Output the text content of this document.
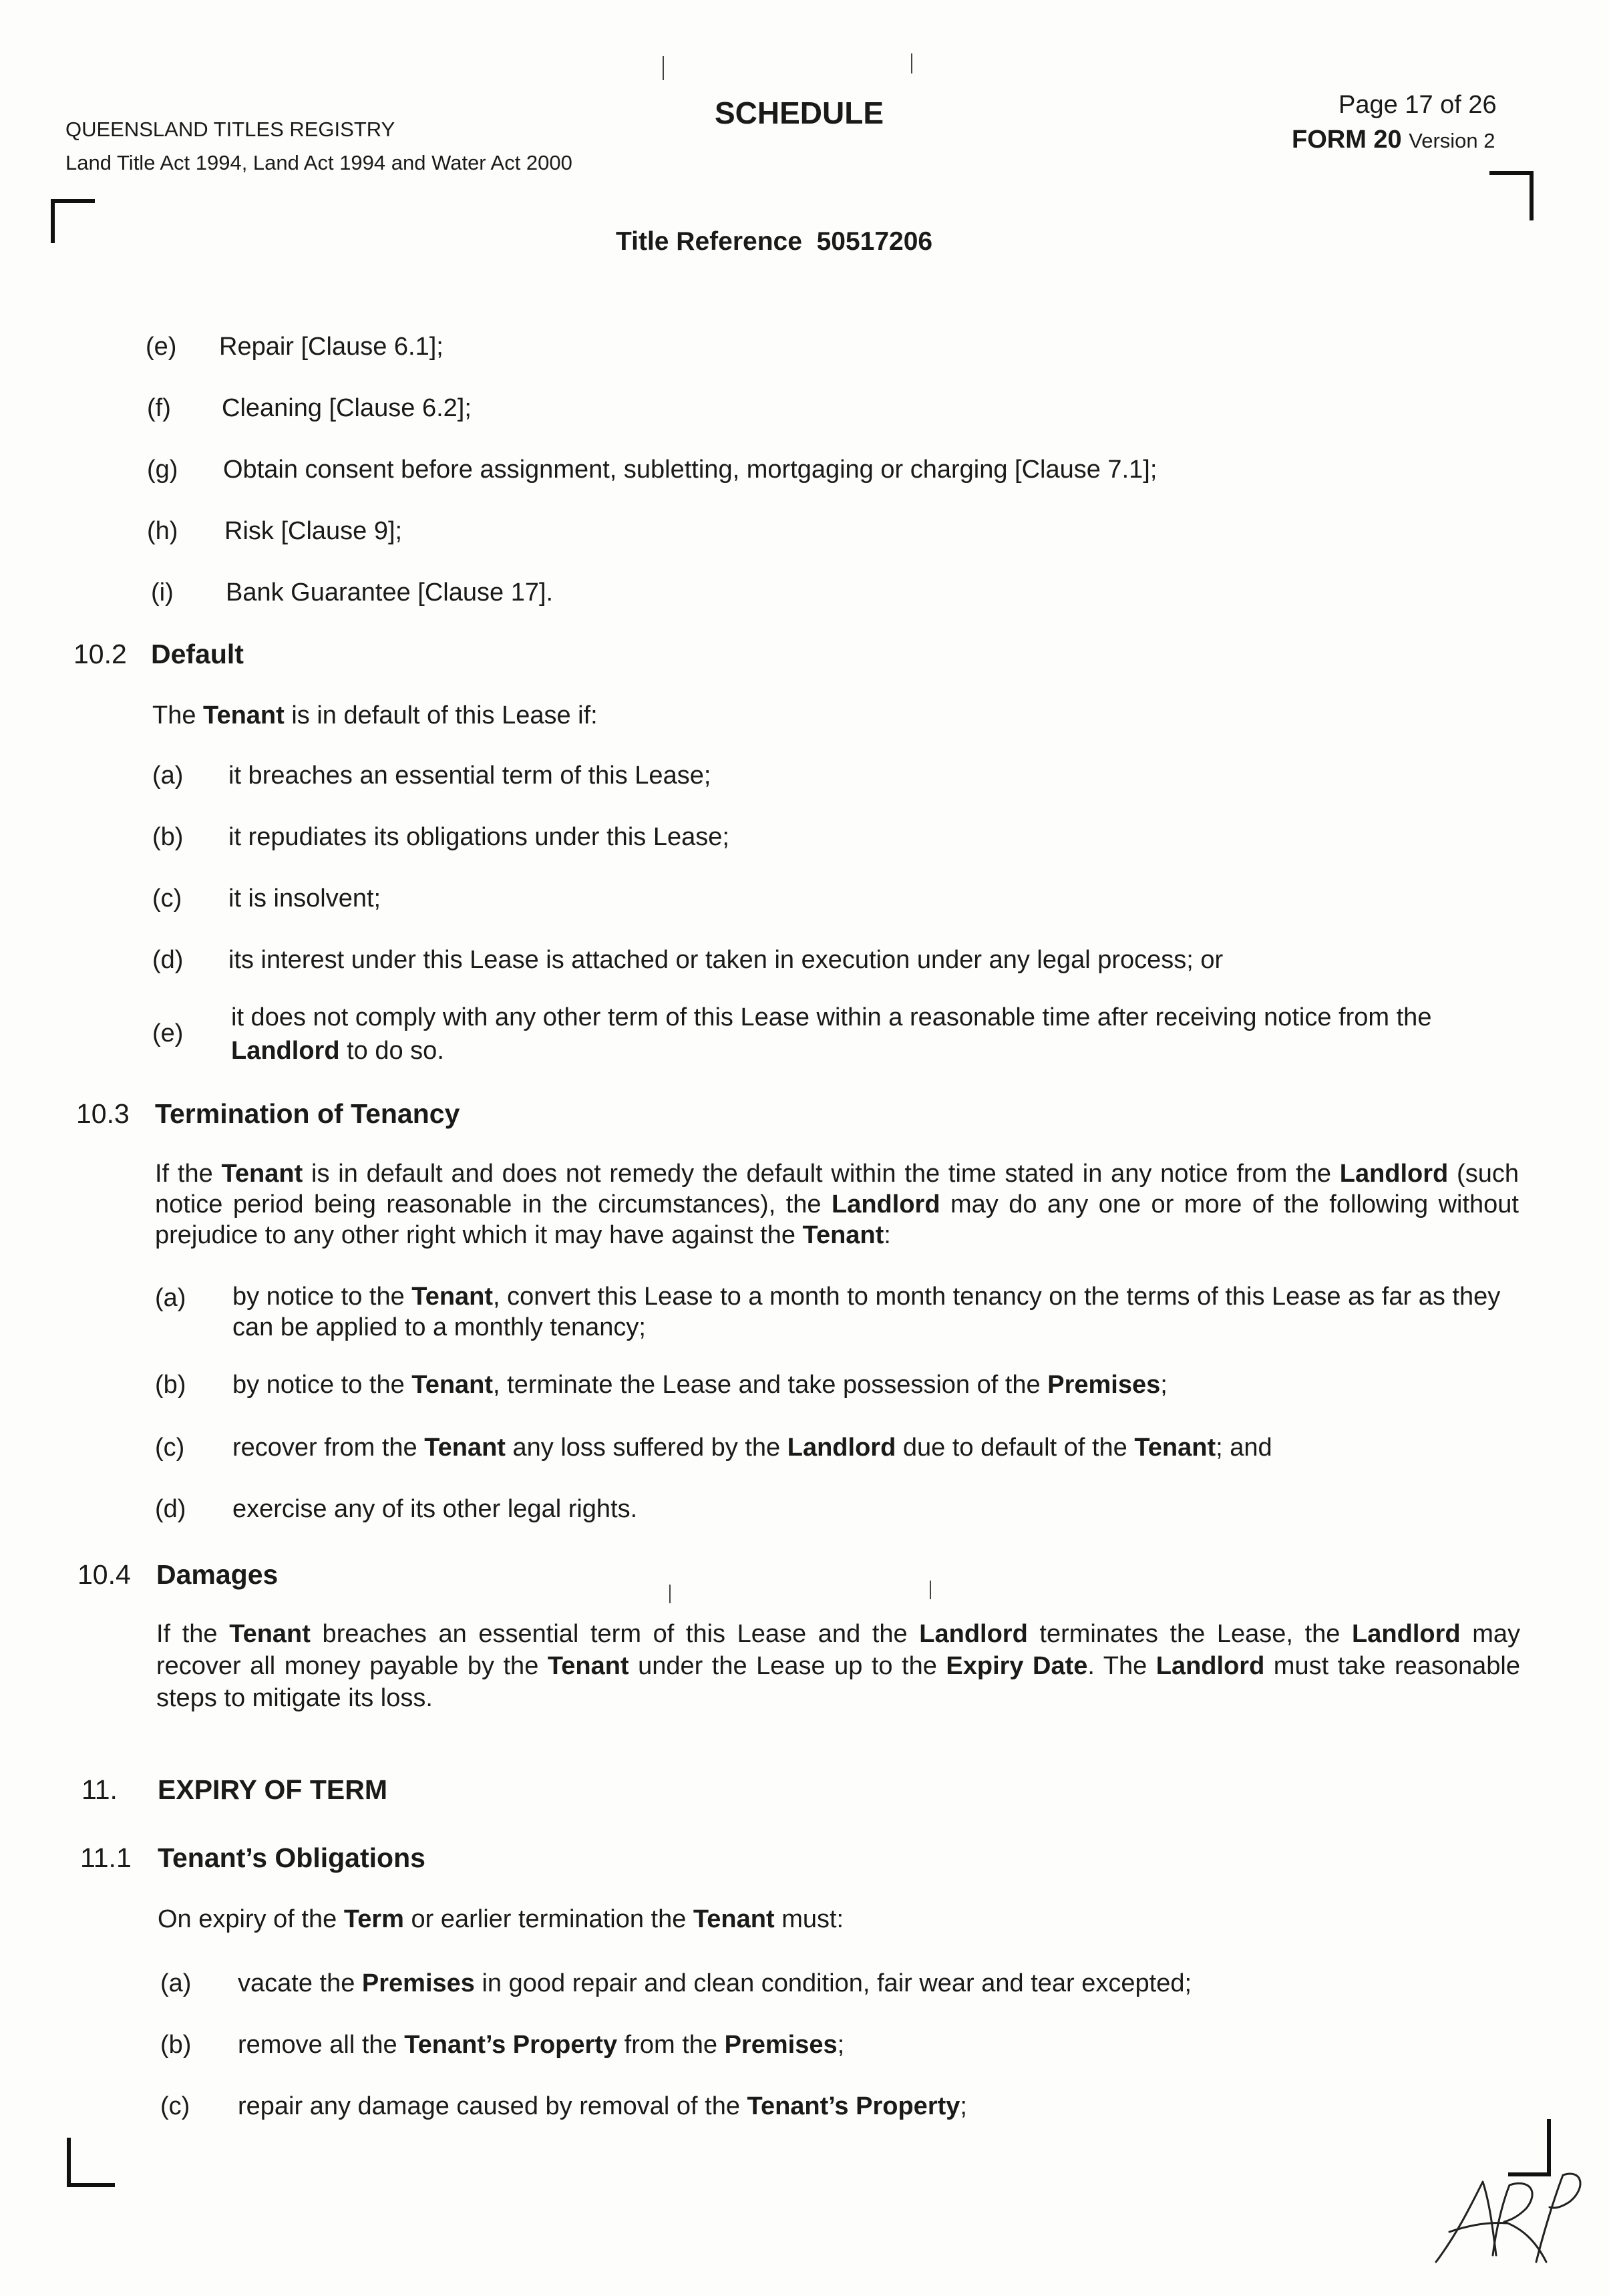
QUEENSLAND TITLES REGISTRY
Land Title Act 1994, Land Act 1994 and Water Act 2000
SCHEDULE	Page 17 of 26
FORM 20 Version 2
Title Reference 50517206
(e) Repair [Clause 6.1];
(f) Cleaning [Clause 6.2];
(g) Obtain consent before assignment, subletting, mortgaging or charging [Clause 7.1];
(h) Risk [Clause 9];
(i) Bank Guarantee [Clause 17].
10.2 Default
The Tenant is in default of this Lease if:
(a) it breaches an essential term of this Lease;
(b) it repudiates its obligations under this Lease;
(c) it is insolvent;
(d) its interest under this Lease is attached or taken in execution under any legal process; or
(e)
it does not comply with any other term of this Lease within a reasonable time after receiving notice from the Landlord to do so.
10.3 Termination of Tenancy
If the Tenant is in default and does not remedy the default within the time stated in any notice from the Landlord (such notice period being reasonable in the circumstances), the Landlord may do any one or more of the following without prejudice to any other right which it may have against the Tenant:
(a) by notice to the Tenant, convert this Lease to a month to month tenancy on the terms of this Lease as far as they can be applied to a monthly tenancy;
(b) by notice to the Tenant, terminate the Lease and take possession of the Premises;
(c) recover from the Tenant any loss suffered by the Landlord due to default of the Tenant; and
(d) exercise any of its other legal rights.
10.4 Damages
If the Tenant breaches an essential term of this Lease and the Landlord terminates the Lease, the Landlord may recover all money payable by the Tenant under the Lease up to the Expiry Date. The Landlord must take reasonable steps to mitigate its loss.
11. EXPIRY OF TERM
11.1 Tenant’s Obligations
On expiry of the Term or earlier termination the Tenant must:
(a) vacate the Premises in good repair and clean condition, fair wear and tear excepted;
(b) remove all the Tenant’s Property from the Premises;
(c) repair any damage caused by removal of the Tenant’s Property;
